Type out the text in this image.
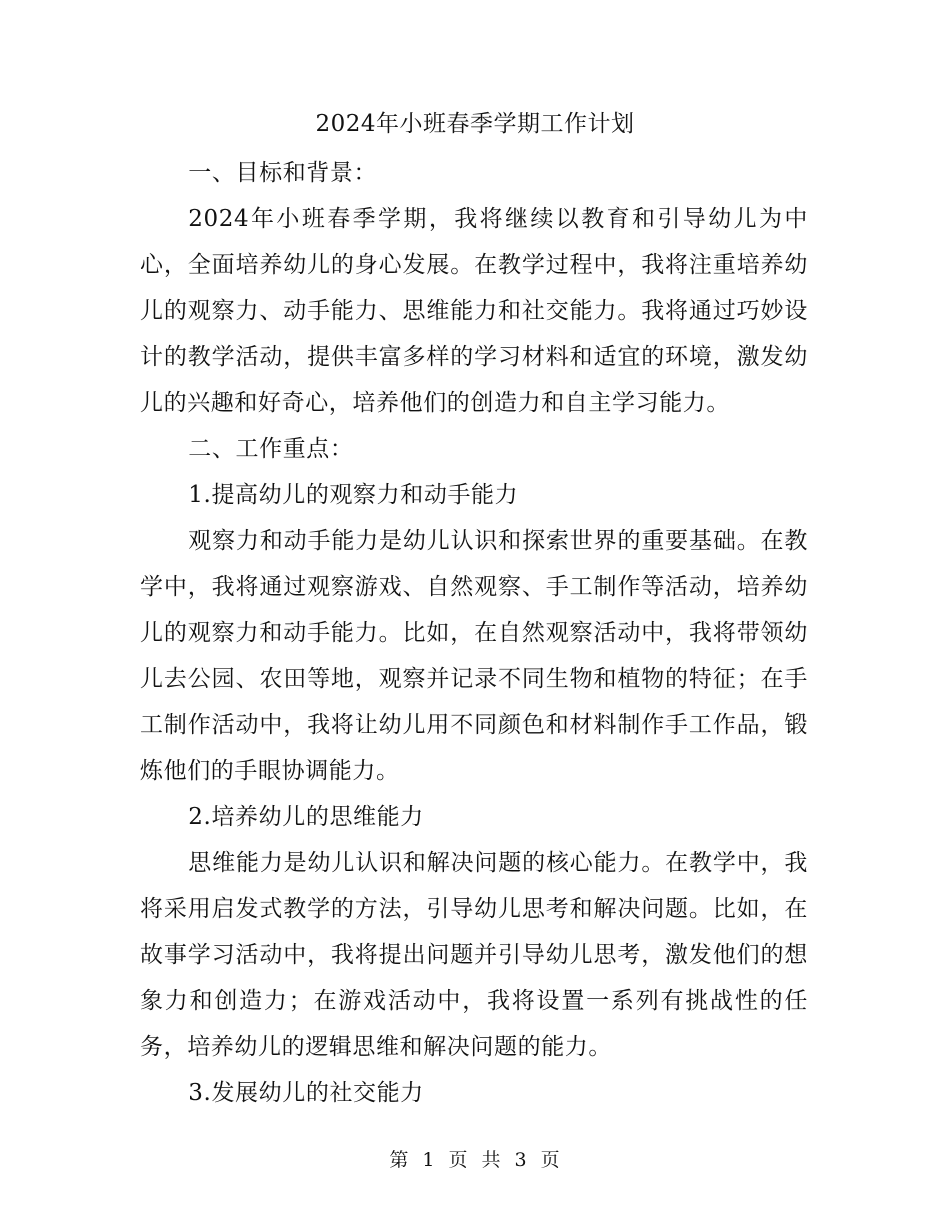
2024年小班春季学期工作计划

一、目标和背景：

2024年小班春季学期，我将继续以教育和引导幼儿为中心，全面培养幼儿的身心发展。在教学过程中，我将注重培养幼儿的观察力、动手能力、思维能力和社交能力。我将通过巧妙设计的教学活动，提供丰富多样的学习材料和适宜的环境，激发幼儿的兴趣和好奇心，培养他们的创造力和自主学习能力。

二、工作重点：

1.提高幼儿的观察力和动手能力

观察力和动手能力是幼儿认识和探索世界的重要基础。在教学中，我将通过观察游戏、自然观察、手工制作等活动，培养幼儿的观察力和动手能力。比如，在自然观察活动中，我将带领幼儿去公园、农田等地，观察并记录不同生物和植物的特征；在手工制作活动中，我将让幼儿用不同颜色和材料制作手工作品，锻炼他们的手眼协调能力。

2.培养幼儿的思维能力

思维能力是幼儿认识和解决问题的核心能力。在教学中，我将采用启发式教学的方法，引导幼儿思考和解决问题。比如，在故事学习活动中，我将提出问题并引导幼儿思考，激发他们的想象力和创造力；在游戏活动中，我将设置一系列有挑战性的任务，培养幼儿的逻辑思维和解决问题的能力。

3.发展幼儿的社交能力

第 1 页 共 3 页
